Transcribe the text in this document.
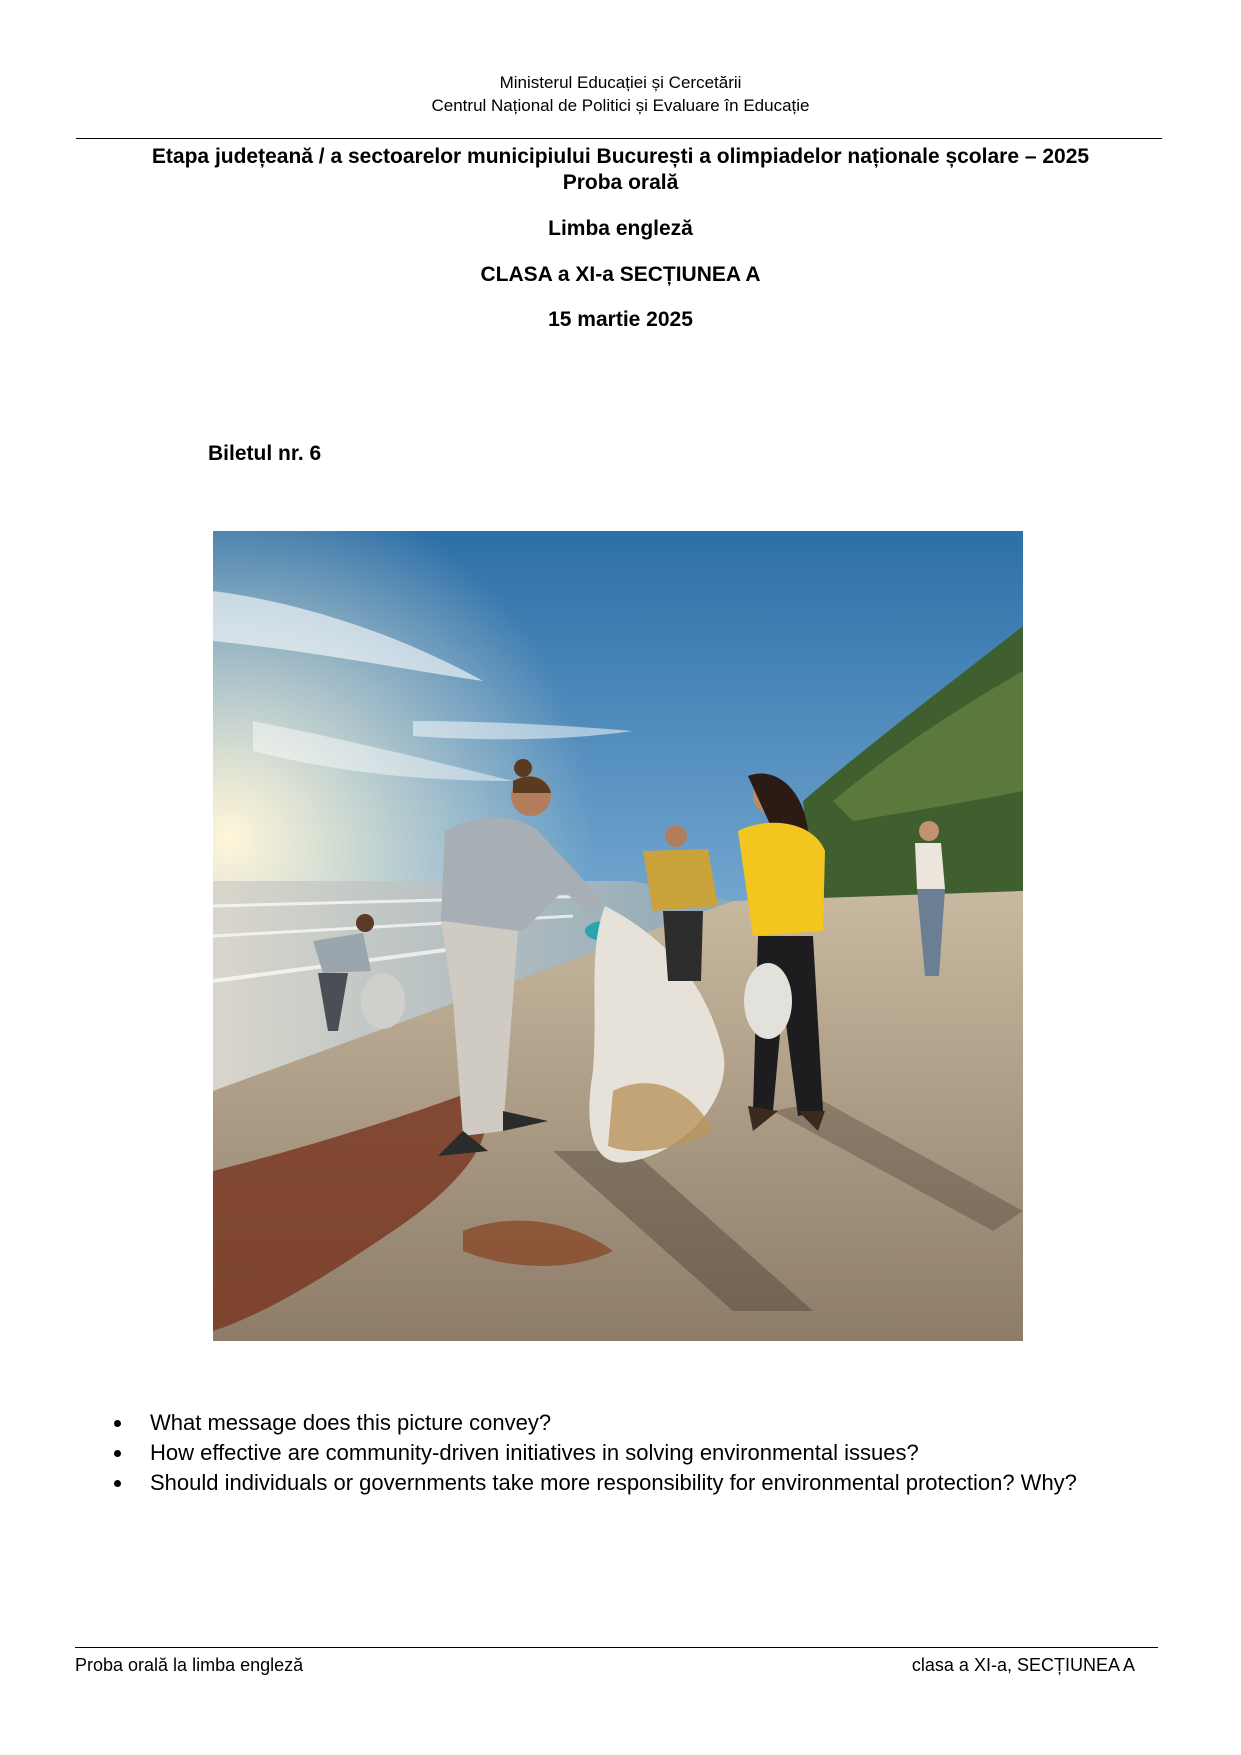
Ministerul Educației și Cercetării
Centrul Național de Politici și Evaluare în Educație
Etapa județeană / a sectoarelor municipiului București a olimpiadelor naționale școlare – 2025
Proba orală
Limba engleză
CLASA a XI-a SECȚIUNEA A
15 martie 2025
Biletul nr. 6
What message does this picture convey?
How effective are community-driven initiatives in solving environmental issues?
Should individuals or governments take more responsibility for environmental protection? Why?
Proba orală la limba engleză	clasa a XI-a, SECȚIUNEA A
